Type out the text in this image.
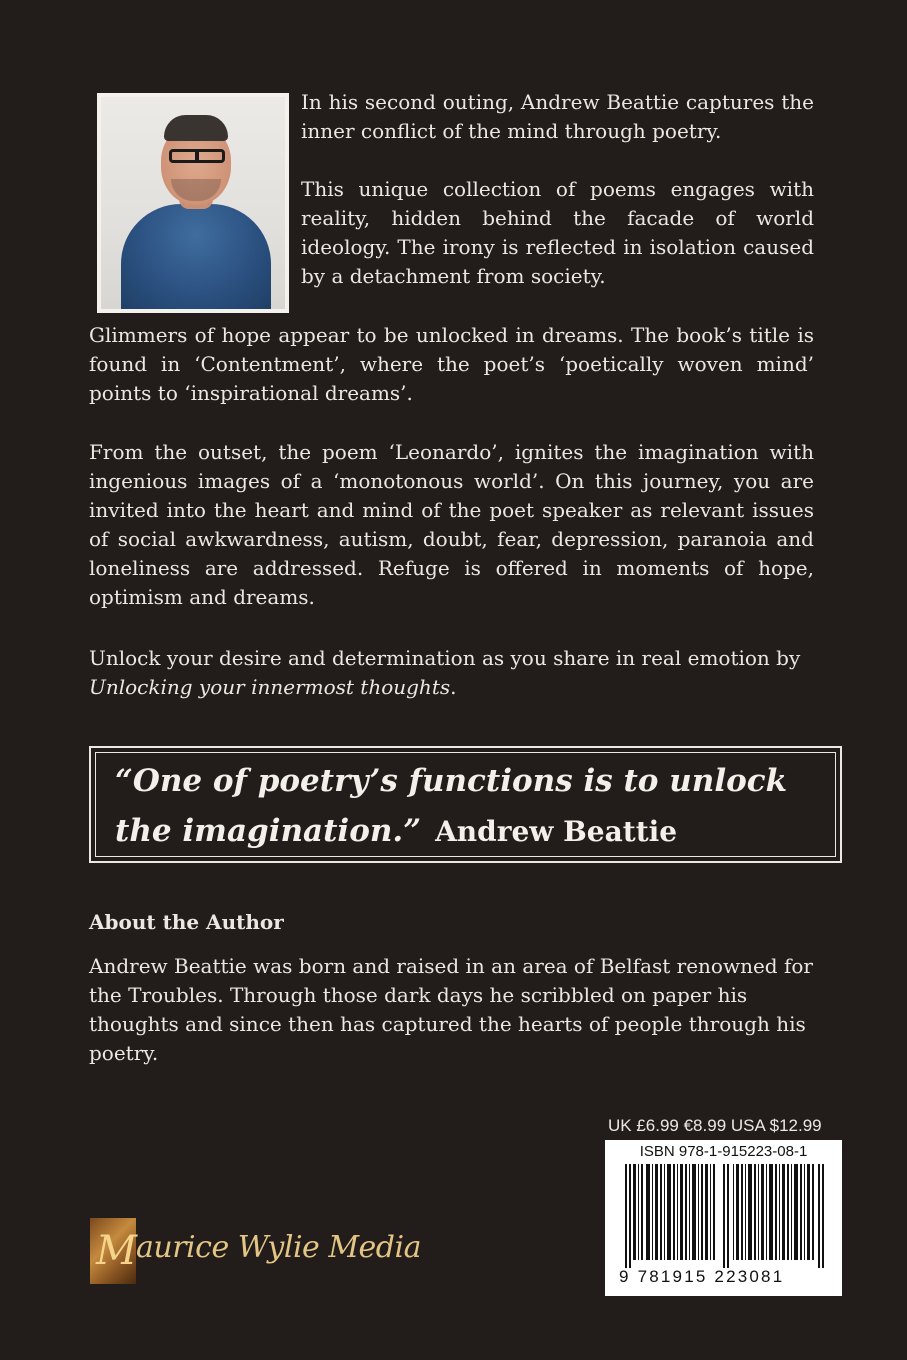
In his second outing, Andrew Beattie captures the inner conflict of the mind through poetry.

This unique collection of poems engages with reality, hidden behind the facade of world ideology. The irony is reflected in isolation caused by a detachment from society.

Glimmers of hope appear to be unlocked in dreams. The book’s title is found in ‘Contentment’, where the poet’s ‘poetically woven mind’ points to ‘inspirational dreams’.

From the outset, the poem ‘Leonardo’, ignites the imagination with ingenious images of a ‘monotonous world’. On this journey, you are invited into the heart and mind of the poet speaker as relevant issues of social awkwardness, autism, doubt, fear, depression, paranoia and loneliness are addressed. Refuge is offered in moments of hope, optimism and dreams.

Unlock your desire and determination as you share in real emotion by Unlocking your innermost thoughts.

“One of poetry’s functions is to unlock the imagination.” Andrew Beattie

About the Author

Andrew Beattie was born and raised in an area of Belfast renowned for the Troubles. Through those dark days he scribbled on paper his thoughts and since then has captured the hearts of people through his poetry.

UK £6.99 €8.99 USA $12.99

ISBN 978-1-915223-08-1

9 781915 223081

M aurice Wylie Media
